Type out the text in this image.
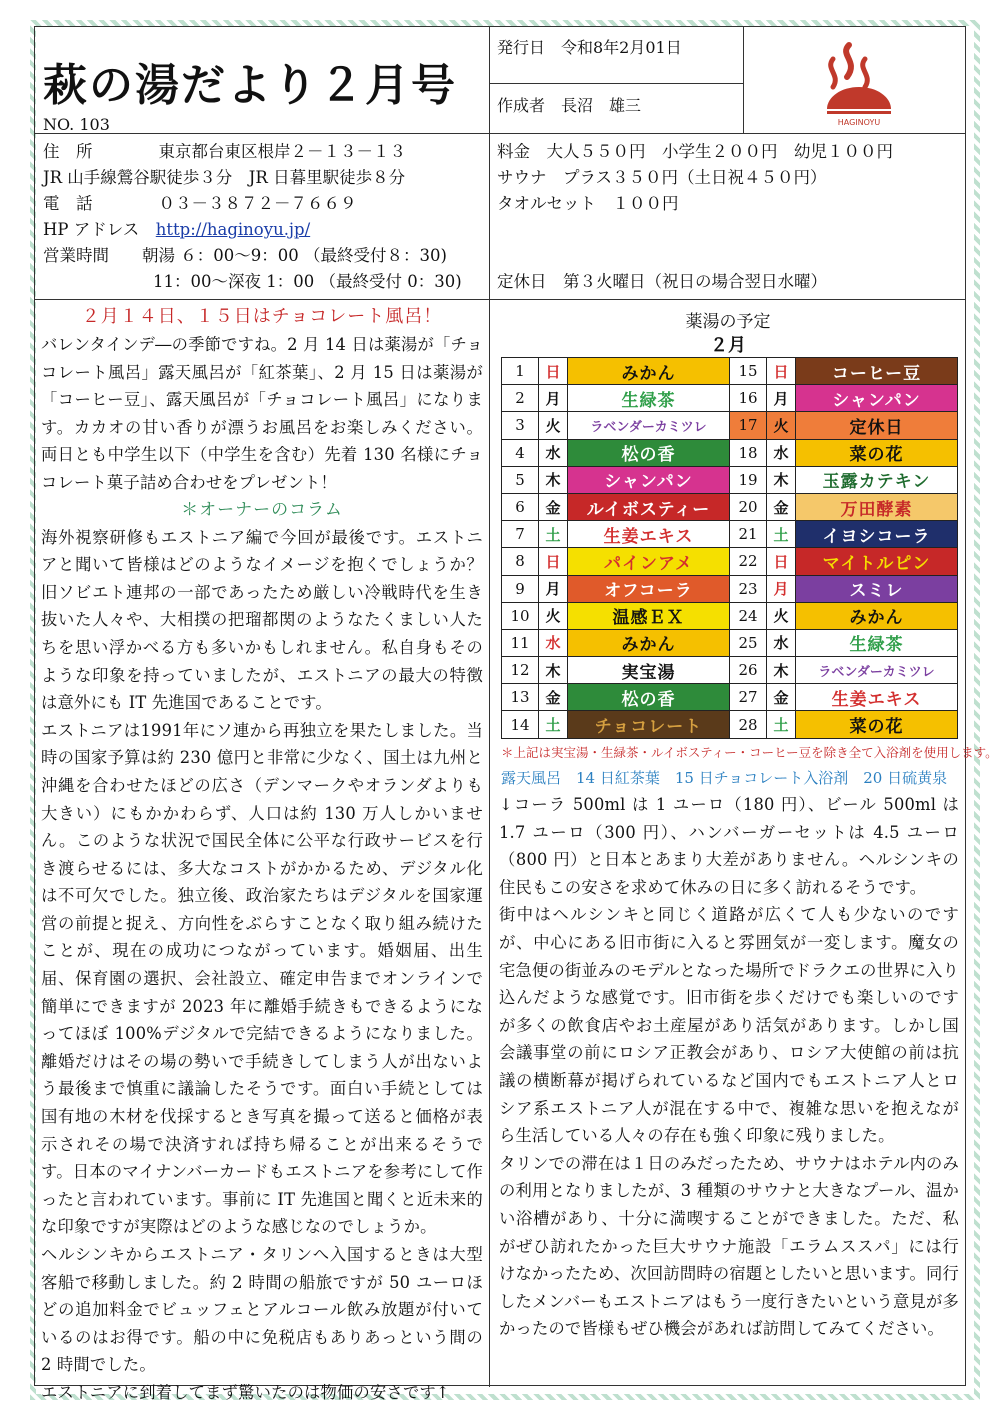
萩の湯だより２月号
NO. 103
発行日　令和8年2月01日
作成者　長沼　雄三
HAGINOYU
住　所　　　　東京都台東区根岸２－１３－１３
JR 山手線鶯谷駅徒歩３分　JR 日暮里駅徒歩８分
電　話　　　　０３－３８７２－７６６９
HP アドレス　http://haginoyu.jp/
営業時間　　朝湯 ６：00～9：00 （最終受付８：30)
11：00～深夜 1：00 （最終受付 0：30)
料金　大人５５０円　小学生２００円　幼児１００円
サウナ　プラス３５０円（土日祝４５０円）
タオルセット　１００円
定休日　第３火曜日（祝日の場合翌日水曜）
２月１４日、１５日はチョコレート風呂！

バレンタインデ―の季節ですね。2 月 14 日は薬湯が「チョコレート風呂」露天風呂が「紅茶葉」、2 月 15 日は薬湯が「コーヒー豆」、露天風呂が「チョコレート風呂」になります。カカオの甘い香りが漂うお風呂をお楽しみください。両日とも中学生以下（中学生を含む）先着 130 名様にチョコレート菓子詰め合わせをプレゼント！

＊オーナーのコラム

海外視察研修もエストニア編で今回が最後です。エストニアと聞いて皆様はどのようなイメージを抱くでしょうか？旧ソビエト連邦の一部であったため厳しい冷戦時代を生き抜いた人々や、大相撲の把瑠都関のようなたくましい人たちを思い浮かべる方も多いかもしれません。私自身もそのような印象を持っていましたが、エストニアの最大の特徴は意外にも IT 先進国であることです。

エストニアは1991年にソ連から再独立を果たしました。当時の国家予算は約 230 億円と非常に少なく、国土は九州と沖縄を合わせたほどの広さ（デンマークやオランダよりも大きい）にもかかわらず、人口は約 130 万人しかいません。このような状況で国民全体に公平な行政サービスを行き渡らせるには、多大なコストがかかるため、デジタル化は不可欠でした。独立後、政治家たちはデジタルを国家運営の前提と捉え、方向性をぶらすことなく取り組み続けたことが、現在の成功につながっています。婚姻届、出生届、保育園の選択、会社設立、確定申告までオンラインで簡単にできますが 2023 年に離婚手続きもできるようになってほぼ 100%デジタルで完結できるようになりました。離婚だけはその場の勢いで手続きしてしまう人が出ないよう最後まで慎重に議論したそうです。面白い手続としては国有地の木材を伐採するとき写真を撮って送ると価格が表示されその場で決済すれば持ち帰ることが出来るそうです。日本のマイナンバーカードもエストニアを参考にして作ったと言われています。事前に IT 先進国と聞くと近未来的な印象ですが実際はどのような感じなのでしょうか。

ヘルシンキからエストニア・タリンへ入国するときは大型客船で移動しました。約 2 時間の船旅ですが 50 ユーロほどの追加料金でビュッフェとアルコール飲み放題が付いているのはお得です。船の中に免税店もありあっという間の 2 時間でした。

エストニアに到着してまず驚いたのは物価の安さです↑

薬湯の予定
２月
1	日	みかん	15	日	コーヒー豆
2	月	生緑茶	16	月	シャンパン
3	火	ラベンダーカミツレ	17	火	定休日
4	水	松の香	18	水	菜の花
5	木	シャンパン	19	木	玉露カテキン
6	金	ルイボスティー	20	金	万田酵素
7	土	生姜エキス	21	土	イヨシコーラ
8	日	パインアメ	22	日	マイトルピン
9	月	オフコーラ	23	月	スミレ
10	火	温感ＥＸ	24	火	みかん
11	水	みかん	25	水	生緑茶
12	木	実宝湯	26	木	ラベンダーカミツレ
13	金	松の香	27	金	生姜エキス
14	土	チョコレート	28	土	菜の花
＊上記は実宝湯・生緑茶・ルイボスティー・コーヒー豆を除き全て入浴剤を使用します。
露天風呂　14 日紅茶葉　15 日チョコレート入浴剤　20 日硫黄泉

↓コーラ 500ml は 1 ユーロ（180 円）、ビール 500ml は 1.7 ユーロ（300 円）、ハンバーガーセットは 4.5 ユーロ（800 円）と日本とあまり大差がありません。ヘルシンキの住民もこの安さを求めて休みの日に多く訪れるそうです。

街中はヘルシンキと同じく道路が広くて人も少ないのですが、中心にある旧市街に入ると雰囲気が一変します。魔女の宅急便の街並みのモデルとなった場所でドラクエの世界に入り込んだような感覚です。旧市街を歩くだけでも楽しいのですが多くの飲食店やお土産屋があり活気があります。しかし国会議事堂の前にロシア正教会があり、ロシア大使館の前は抗議の横断幕が掲げられているなど国内でもエストニア人とロシア系エストニア人が混在する中で、複雑な思いを抱えながら生活している人々の存在も強く印象に残りました。

タリンでの滞在は１日のみだったため、サウナはホテル内のみの利用となりましたが、3 種類のサウナと大きなプール、温かい浴槽があり、十分に満喫することができました。ただ、私がぜひ訪れたかった巨大サウナ施設「エラムススパ」には行けなかったため、次回訪問時の宿題としたいと思います。同行したメンバーもエストニアはもう一度行きたいという意見が多かったので皆様もぜひ機会があれば訪問してみてください。
